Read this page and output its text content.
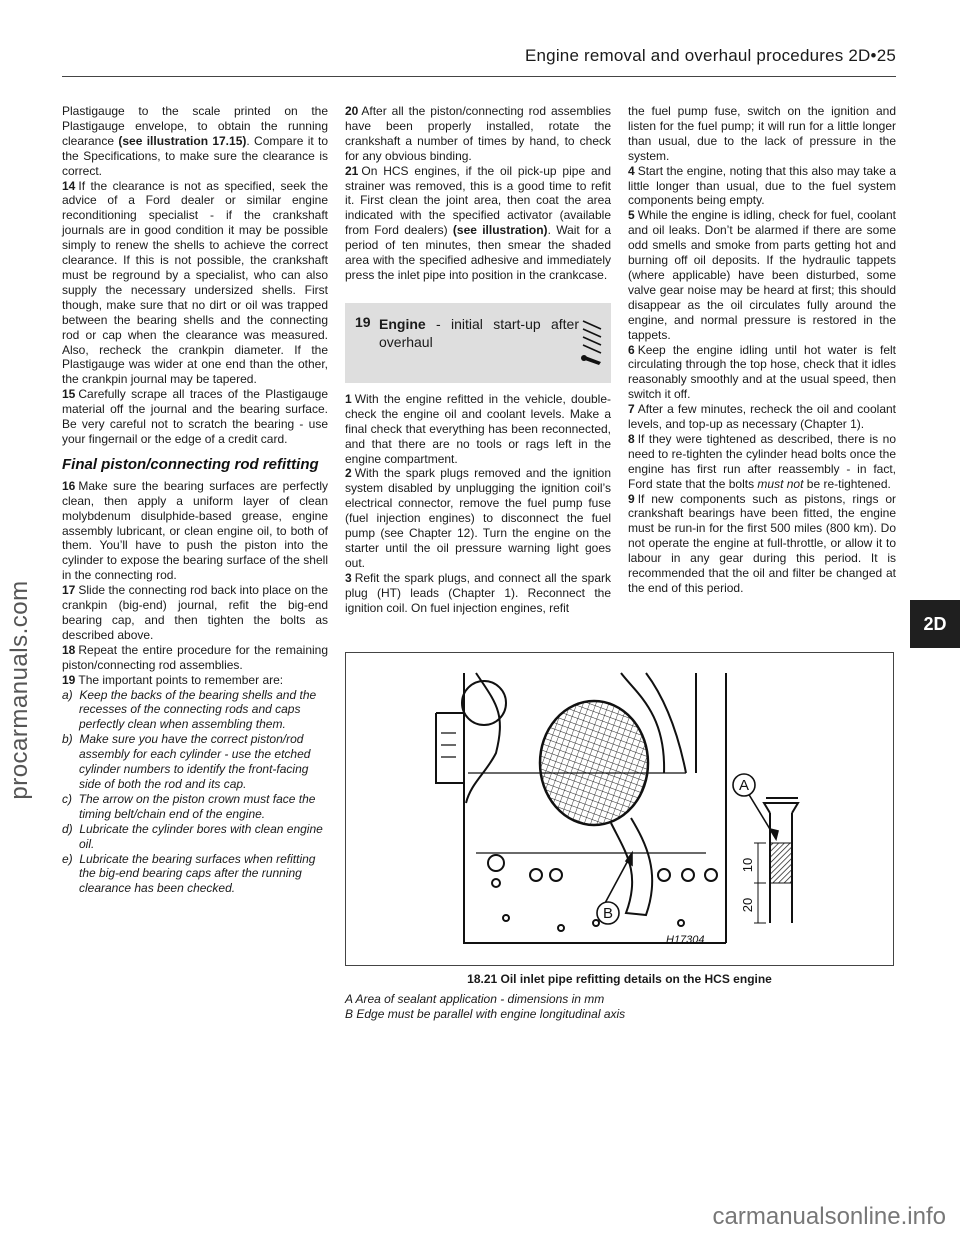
Engine removal and overhaul procedures 2D•25

Plastigauge to the scale printed on the Plastigauge envelope, to obtain the running clearance (see illustration 17.15). Compare it to the Specifications, to make sure the clearance is correct.

14 If the clearance is not as specified, seek the advice of a Ford dealer or similar engine reconditioning specialist - if the crankshaft journals are in good condition it may be possible simply to renew the shells to achieve the correct clearance. If this is not possible, the crankshaft must be reground by a specialist, who can also supply the necessary undersized shells. First though, make sure that no dirt or oil was trapped between the bearing shells and the connecting rod or cap when the clearance was measured. Also, recheck the crankpin diameter. If the Plastigauge was wider at one end than the other, the crankpin journal may be tapered.

15 Carefully scrape all traces of the Plastigauge material off the journal and the bearing surface. Be very careful not to scratch the bearing - use your fingernail or the edge of a credit card.

Final piston/connecting rod refitting

16 Make sure the bearing surfaces are perfectly clean, then apply a uniform layer of clean molybdenum disulphide-based grease, engine assembly lubricant, or clean engine oil, to both of them. You’ll have to push the piston into the cylinder to expose the bearing surface of the shell in the connecting rod.

17 Slide the connecting rod back into place on the crankpin (big-end) journal, refit the big-end bearing cap, and then tighten the bolts as described above.

18 Repeat the entire procedure for the remaining piston/connecting rod assemblies.

19 The important points to remember are:

a)  Keep the backs of the bearing shells and the recesses of the connecting rods and caps perfectly clean when assembling them.
b)  Make sure you have the correct piston/rod assembly for each cylinder - use the etched cylinder numbers to identify the front-facing side of both the rod and its cap.
c)  The arrow on the piston crown must face the timing belt/chain end of the engine.
d)  Lubricate the cylinder bores with clean engine oil.
e)  Lubricate the bearing surfaces when refitting the big-end bearing caps after the running clearance has been checked.

20 After all the piston/connecting rod assemblies have been properly installed, rotate the crankshaft a number of times by hand, to check for any obvious binding.

21 On HCS engines, if the oil pick-up pipe and strainer was removed, this is a good time to refit it. First clean the joint area, then coat the area indicated with the specified activator (available from Ford dealers) (see illustration). Wait for a period of ten minutes, then smear the shaded area with the specified adhesive and immediately press the inlet pipe into position in the crankcase.

19 Engine - initial start-up after overhaul

1 With the engine refitted in the vehicle, double-check the engine oil and coolant levels. Make a final check that everything has been reconnected, and that there are no tools or rags left in the engine compartment.

2 With the spark plugs removed and the ignition system disabled by unplugging the ignition coil’s electrical connector, remove the fuel pump fuse (fuel injection engines) to disconnect the fuel pump (see Chapter 12). Turn the engine on the starter until the oil pressure warning light goes out.

3 Refit the spark plugs, and connect all the spark plug (HT) leads (Chapter 1). Reconnect the ignition coil. On fuel injection engines, refit

the fuel pump fuse, switch on the ignition and listen for the fuel pump; it will run for a little longer than usual, due to the lack of pressure in the system.

4 Start the engine, noting that this also may take a little longer than usual, due to the fuel system components being empty.

5 While the engine is idling, check for fuel, coolant and oil leaks. Don’t be alarmed if there are some odd smells and smoke from parts getting hot and burning off oil deposits. If the hydraulic tappets (where applicable) have been disturbed, some valve gear noise may be heard at first; this should disappear as the oil circulates fully around the engine, and normal pressure is restored in the tappets.

6 Keep the engine idling until hot water is felt circulating through the top hose, check that it idles reasonably smoothly and at the usual speed, then switch it off.

7 After a few minutes, recheck the oil and coolant levels, and top-up as necessary (Chapter 1).

8 If they were tightened as described, there is no need to re-tighten the cylinder head bolts once the engine has first run after reassembly - in fact, Ford state that the bolts must not be re-tightened.

9 If new components such as pistons, rings or crankshaft bearings have been fitted, the engine must be run-in for the first 500 miles (800 km). Do not operate the engine at full-throttle, or allow it to labour in any gear during this period. It is recommended that the oil and filter be changed at the end of this period.

A
B
10
20
H17304
18.21 Oil inlet pipe refitting details on the HCS engine
A Area of sealant application - dimensions in mm
B Edge must be parallel with engine longitudinal axis
2D
procarmanuals.com
carmanualsonline.info
